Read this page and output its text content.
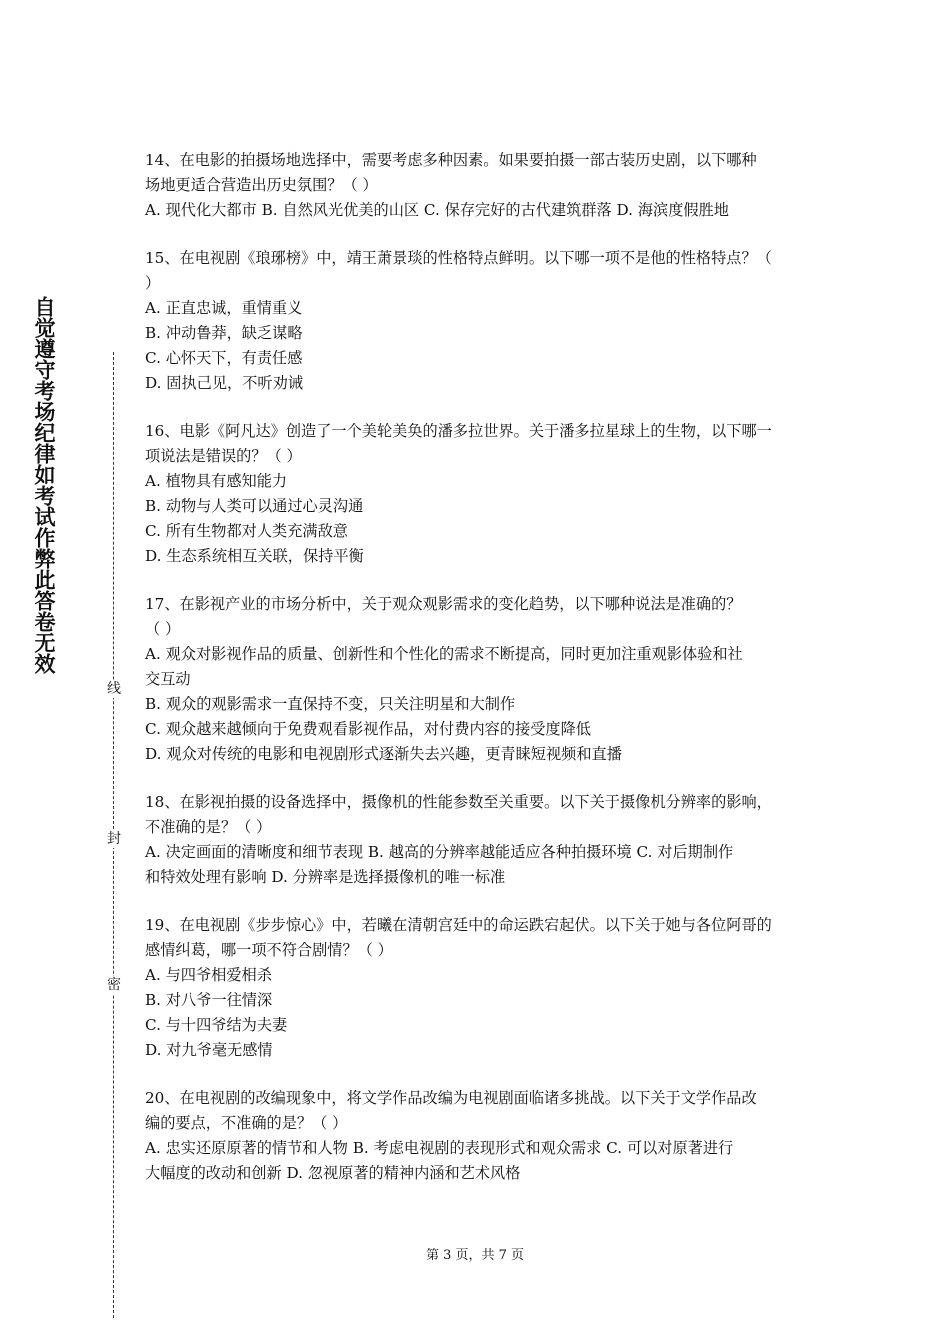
自觉遵守考场纪律如考试作弊此答卷无效
线
封
密
14、在电影的拍摄场地选择中，需要考虑多种因素。如果要拍摄一部古装历史剧，以下哪种
场地更适合营造出历史氛围？（ ）
A. 现代化大都市 B. 自然风光优美的山区 C. 保存完好的古代建筑群落 D. 海滨度假胜地
15、在电视剧《琅琊榜》中，靖王萧景琰的性格特点鲜明。以下哪一项不是他的性格特点？（
）
A. 正直忠诚，重情重义
B. 冲动鲁莽，缺乏谋略
C. 心怀天下，有责任感
D. 固执己见，不听劝诫
16、电影《阿凡达》创造了一个美轮美奂的潘多拉世界。关于潘多拉星球上的生物，以下哪一
项说法是错误的？（ ）
A. 植物具有感知能力
B. 动物与人类可以通过心灵沟通
C. 所有生物都对人类充满敌意
D. 生态系统相互关联，保持平衡
17、在影视产业的市场分析中，关于观众观影需求的变化趋势，以下哪种说法是准确的？
（ ）
A. 观众对影视作品的质量、创新性和个性化的需求不断提高，同时更加注重观影体验和社
交互动
B. 观众的观影需求一直保持不变，只关注明星和大制作
C. 观众越来越倾向于免费观看影视作品，对付费内容的接受度降低
D. 观众对传统的电影和电视剧形式逐渐失去兴趣，更青睐短视频和直播
18、在影视拍摄的设备选择中，摄像机的性能参数至关重要。以下关于摄像机分辨率的影响，
不准确的是？（ ）
A. 决定画面的清晰度和细节表现 B. 越高的分辨率越能适应各种拍摄环境 C. 对后期制作
和特效处理有影响 D. 分辨率是选择摄像机的唯一标准
19、在电视剧《步步惊心》中，若曦在清朝宫廷中的命运跌宕起伏。以下关于她与各位阿哥的
感情纠葛，哪一项不符合剧情？（ ）
A. 与四爷相爱相杀
B. 对八爷一往情深
C. 与十四爷结为夫妻
D. 对九爷毫无感情
20、在电视剧的改编现象中，将文学作品改编为电视剧面临诸多挑战。以下关于文学作品改
编的要点，不准确的是？（ ）
A. 忠实还原原著的情节和人物 B. 考虑电视剧的表现形式和观众需求 C. 可以对原著进行
大幅度的改动和创新 D. 忽视原著的精神内涵和艺术风格
第 3 页，共 7 页
